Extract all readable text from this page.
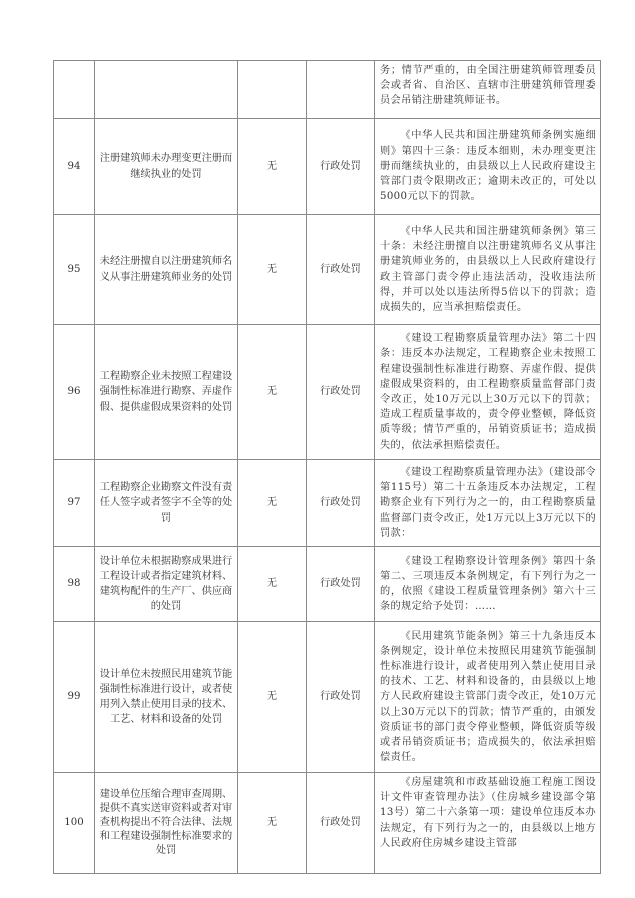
				务；情节严重的，由全国注册建筑师管理委员会或者省、自治区、直辖市注册建筑师管理委员会吊销注册建筑师证书。
94	注册建筑师未办理变更注册而继续执业的处罚	无	行政处罚	《中华人民共和国注册建筑师条例实施细则》第四十三条：违反本细则，未办理变更注册而继续执业的，由县级以上人民政府建设主管部门责令限期改正；逾期未改正的，可处以5000元以下的罚款。
95	未经注册擅自以注册建筑师名义从事注册建筑师业务的处罚	无	行政处罚	《中华人民共和国注册建筑师条例》第三十条：未经注册擅自以注册建筑师名义从事注册建筑师业务的，由县级以上人民政府建设行政主管部门责令停止违法活动，没收违法所得，并可以处以违法所得5倍以下的罚款；造成损失的，应当承担赔偿责任。
96	工程勘察企业未按照工程建设强制性标准进行勘察、弄虚作假、提供虚假成果资料的处罚	无	行政处罚	《建设工程勘察质量管理办法》第二十四条：违反本办法规定，工程勘察企业未按照工程建设强制性标准进行勘察、弄虚作假、提供虚假成果资料的，由工程勘察质量监督部门责令改正，处10万元以上30万元以下的罚款；造成工程质量事故的，责令停业整顿，降低资质等级；情节严重的，吊销资质证书；造成损失的，依法承担赔偿责任。
97	工程勘察企业勘察文件没有责任人签字或者签字不全等的处罚	无	行政处罚	《建设工程勘察质量管理办法》（建设部令第115号）第二十五条违反本办法规定，工程勘察企业有下列行为之一的，由工程勘察质量监督部门责令改正，处1万元以上3万元以下的罚款：
98	设计单位未根据勘察成果进行工程设计或者指定建筑材料、建筑构配件的生产厂、供应商的处罚	无	行政处罚	《建设工程勘察设计管理条例》第四十条第二、三项违反本条例规定，有下列行为之一的，依照《建设工程质量管理条例》第六十三条的规定给予处罚：……
99	设计单位未按照民用建筑节能强制性标准进行设计，或者使用列入禁止使用目录的技术、工艺、材料和设备的处罚	无	行政处罚	《民用建筑节能条例》第三十九条违反本条例规定，设计单位未按照民用建筑节能强制性标准进行设计，或者使用列入禁止使用目录的技术、工艺、材料和设备的，由县级以上地方人民政府建设主管部门责令改正，处10万元以上30万元以下的罚款；情节严重的，由颁发资质证书的部门责令停业整顿，降低资质等级或者吊销资质证书；造成损失的，依法承担赔偿责任。
100	建设单位压缩合理审查周期、提供不真实送审资料或者对审查机构提出不符合法律、法规和工程建设强制性标准要求的处罚	无	行政处罚	《房屋建筑和市政基础设施工程施工图设计文件审查管理办法》（住房城乡建设部令第13号）第二十六条第一项：建设单位违反本办法规定，有下列行为之一的，由县级以上地方人民政府住房城乡建设主管部
